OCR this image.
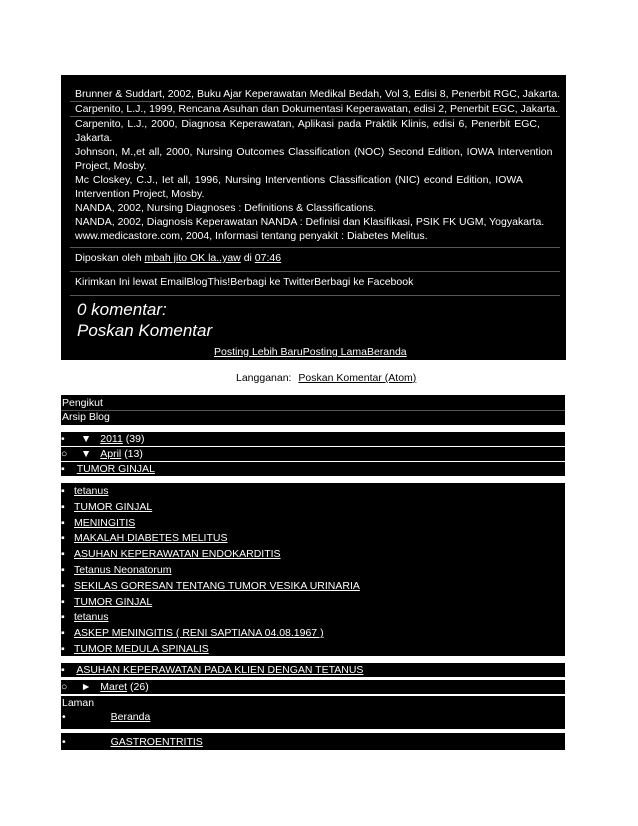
Brunner & Suddart, 2002, Buku Ajar Keperawatan Medikal Bedah, Vol 3, Edisi 8, Penerbit RGC, Jakarta.
Carpenito, L.J., 1999, Rencana Asuhan dan Dokumentasi Keperawatan, edisi 2, Penerbit EGC, Jakarta.
Carpenito, L.J., 2000, Diagnosa Keperawatan, Aplikasi pada Praktik Klinis, edisi 6, Penerbit EGC,
Jakarta.
Johnson, M.,et all, 2000, Nursing Outcomes Classification (NOC) Second Edition, IOWA Intervention
Project, Mosby.
Mc Closkey, C.J., Iet all, 1996, Nursing Interventions Classification (NIC) econd Edition, IOWA
Intervention Project, Mosby.
NANDA, 2002, Nursing Diagnoses : Definitions & Classifications.
NANDA, 2002, Diagnosis Keperawatan NANDA : Definisi dan Klasifikasi, PSIK FK UGM, Yogyakarta.
www.medicastore.com, 2004, Informasi tentang penyakit : Diabetes Melitus.
Diposkan oleh mbah jito OK la..yaw di 07:46
Kirimkan Ini lewat EmailBlogThis!Berbagi ke TwitterBerbagi ke Facebook
0 komentar:
Poskan Komentar
Posting Lebih BaruPosting LamaBeranda
Langganan: Poskan Komentar (Atom)
Pengikut
Arsip Blog
• ▼ 2011 (39)
○ ▼ April (13)
▪ TUMOR GINJAL
▪ tetanus
▪ TUMOR GINJAL
▪ MENINGITIS
▪ MAKALAH DIABETES MELITUS
▪ ASUHAN KEPERAWATAN ENDOKARDITIS
▪ Tetanus Neonatorum
▪ SEKILAS GORESAN TENTANG TUMOR VESIKA URINARIA
▪ TUMOR GINJAL
▪ tetanus
▪ ASKEP MENINGITIS ( RENI SAPTIANA 04.08.1967 )
▪ TUMOR MEDULA SPINALIS
▪ ASUHAN KEPERAWATAN PADA KLIEN DENGAN TETANUS
○ ► Maret (26)
Laman
•	Beranda
•	GASTROENTRITIS
